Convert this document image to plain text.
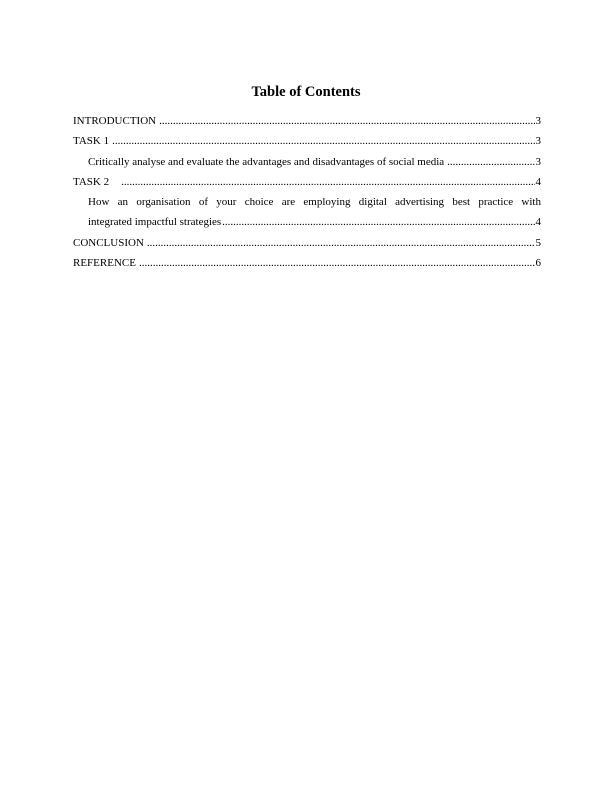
Table of Contents
INTRODUCTION .....	3
TASK 1 .....	3
Critically analyse and evaluate the advantages and disadvantages of social media .....	3
TASK 2 .....	4
How an organisation of your choice are employing digital advertising best practice with
integrated impactful strategies .....	4
CONCLUSION .....	5
REFERENCE .....	6
